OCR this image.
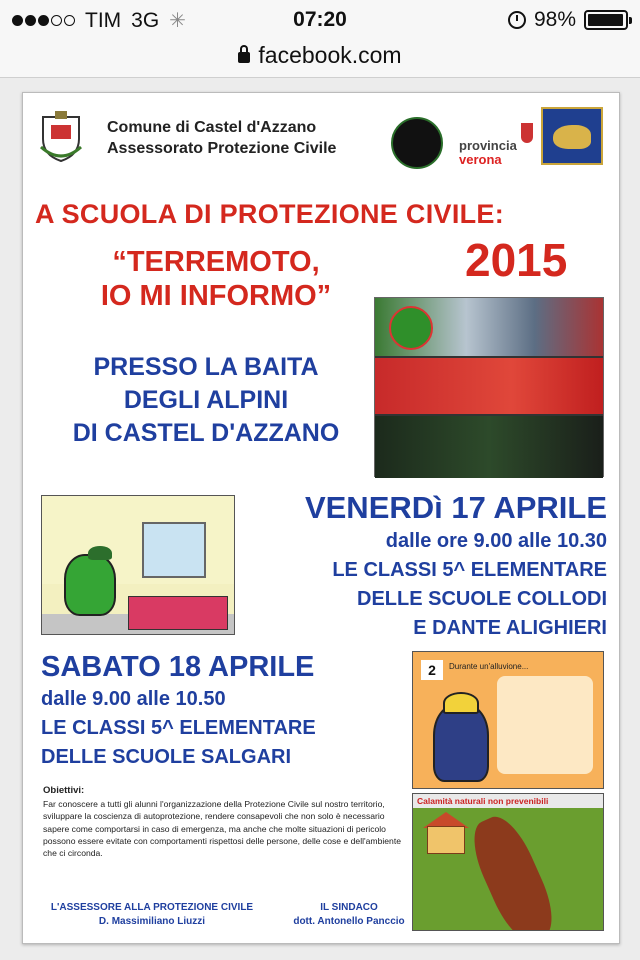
TIM 3G ✳	07:20	98%
facebook.com
Comune di Castel d'Azzano
Assessorato Protezione Civile	provincia
verona
A SCUOLA DI PROTEZIONE CIVILE:
“TERREMOTO,
IO MI INFORMO”
2015
PRESSO LA BAITA
DEGLI ALPINI
DI CASTEL D'AZZANO
VENERDì 17 APRILE
dalle ore 9.00 alle 10.30
LE CLASSI 5^ ELEMENTARE
DELLE SCUOLE COLLODI
E DANTE ALIGHIERI
SABATO 18 APRILE
dalle 9.00 alle 10.50
LE CLASSI 5^ ELEMENTARE
DELLE SCUOLE SALGARI
2	Durante un'alluvione...
Obiettivi:
Far conoscere a tutti gli alunni l'organizzazione della Protezione Civile sul nostro territorio, sviluppare la coscienza di autoprotezione, rendere consapevoli che non solo è necessario sapere come comportarsi in caso di emergenza, ma anche che molte situazioni di pericolo possono essere evitate con comportamenti rispettosi delle persone, delle cose e dell'ambiente che ci circonda.
Calamità naturali non prevenibili
L'ASSESSORE ALLA PROTEZIONE CIVILE
D. Massimiliano Liuzzi
IL SINDACO
dott. Antonello Panccio
